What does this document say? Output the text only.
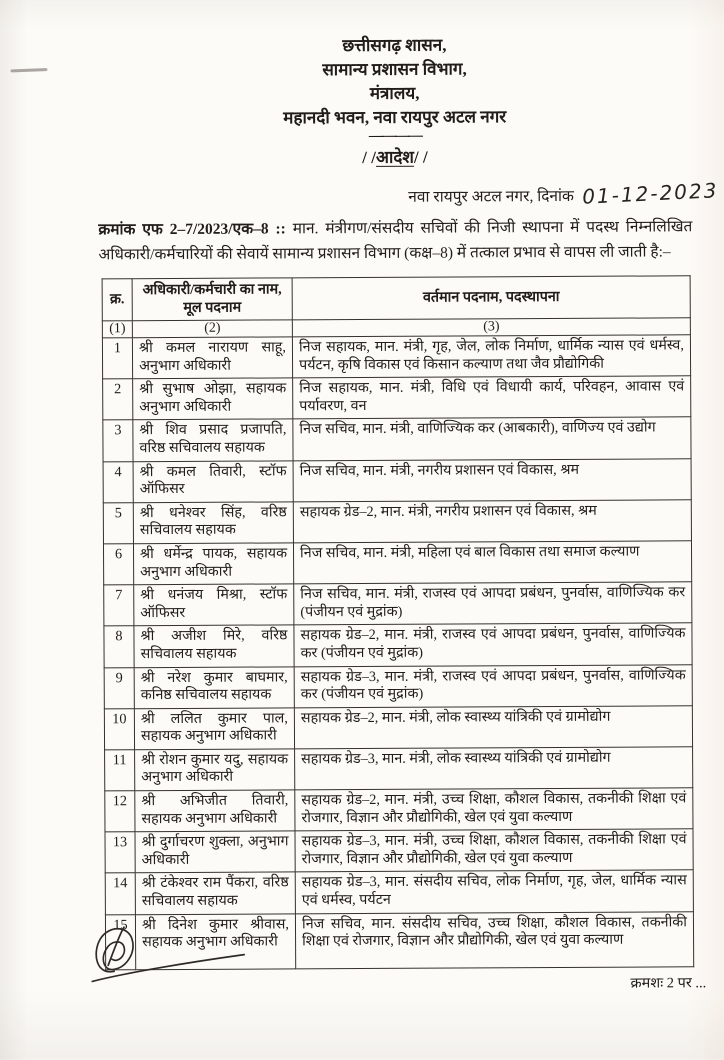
छत्तीसगढ़ शासन,
सामान्य प्रशासन विभाग,
मंत्रालय,
महानदी भवन, नवा रायपुर अटल नगर
————
/ /आदेश/ /
नवा रायपुर अटल नगर, दिनांक 01-12-2023

क्रमांक एफ 2–7/2023/एक–8 :: मान. मंत्रीगण/संसदीय सचिवों की निजी स्थापना में पदस्थ निम्नलिखित अधिकारी/कर्मचारियों की सेवायें सामान्य प्रशासन विभाग (कक्ष–8) में तत्काल प्रभाव से वापस ली जाती है:–

क्र.	अधिकारी/कर्मचारी का नाम, मूल पदनाम	वर्तमान पदनाम, पदस्थापना
(1)	(2)	(3)
1	श्री कमल नारायण साहू, अनुभाग अधिकारी	निज सहायक, मान. मंत्री, गृह, जेल, लोक निर्माण, धार्मिक न्यास एवं धर्मस्व, पर्यटन, कृषि विकास एवं किसान कल्याण तथा जैव प्रौद्योगिकी
2	श्री सुभाष ओझा, सहायक अनुभाग अधिकारी	निज सहायक, मान. मंत्री, विधि एवं विधायी कार्य, परिवहन, आवास एवं पर्यावरण, वन
3	श्री शिव प्रसाद प्रजापति, वरिष्ठ सचिवालय सहायक	निज सचिव, मान. मंत्री, वाणिज्यिक कर (आबकारी), वाणिज्य एवं उद्योग
4	श्री कमल तिवारी, स्टॉफ ऑफिसर	निज सचिव, मान. मंत्री, नगरीय प्रशासन एवं विकास, श्रम
5	श्री धनेश्वर सिंह, वरिष्ठ सचिवालय सहायक	सहायक ग्रेड–2, मान. मंत्री, नगरीय प्रशासन एवं विकास, श्रम
6	श्री धर्मेन्द्र पायक, सहायक अनुभाग अधिकारी	निज सचिव, मान. मंत्री, महिला एवं बाल विकास तथा समाज कल्याण
7	श्री धनंजय मिश्रा, स्टॉफ ऑफिसर	निज सचिव, मान. मंत्री, राजस्व एवं आपदा प्रबंधन, पुनर्वास, वाणिज्यिक कर (पंजीयन एवं मुद्रांक)
8	श्री अजीश मिरे, वरिष्ठ सचिवालय सहायक	सहायक ग्रेड–2, मान. मंत्री, राजस्व एवं आपदा प्रबंधन, पुनर्वास, वाणिज्यिक कर (पंजीयन एवं मुद्रांक)
9	श्री नरेश कुमार बाघमार, कनिष्ठ सचिवालय सहायक	सहायक ग्रेड–3, मान. मंत्री, राजस्व एवं आपदा प्रबंधन, पुनर्वास, वाणिज्यिक कर (पंजीयन एवं मुद्रांक)
10	श्री ललित कुमार पाल, सहायक अनुभाग अधिकारी	सहायक ग्रेड–2, मान. मंत्री, लोक स्वास्थ्य यांत्रिकी एवं ग्रामोद्योग
11	श्री रोशन कुमार यदु, सहायक अनुभाग अधिकारी	सहायक ग्रेड–3, मान. मंत्री, लोक स्वास्थ्य यांत्रिकी एवं ग्रामोद्योग
12	श्री अभिजीत तिवारी, सहायक अनुभाग अधिकारी	सहायक ग्रेड–2, मान. मंत्री, उच्च शिक्षा, कौशल विकास, तकनीकी शिक्षा एवं रोजगार, विज्ञान और प्रौद्योगिकी, खेल एवं युवा कल्याण
13	श्री दुर्गाचरण शुक्ला, अनुभाग अधिकारी	सहायक ग्रेड–3, मान. मंत्री, उच्च शिक्षा, कौशल विकास, तकनीकी शिक्षा एवं रोजगार, विज्ञान और प्रौद्योगिकी, खेल एवं युवा कल्याण
14	श्री टंकेश्वर राम पैंकरा, वरिष्ठ सचिवालय सहायक	सहायक ग्रेड–3, मान. संसदीय सचिव, लोक निर्माण, गृह, जेल, धार्मिक न्यास एवं धर्मस्व, पर्यटन
15	श्री दिनेश कुमार श्रीवास, सहायक अनुभाग अधिकारी	निज सचिव, मान. संसदीय सचिव, उच्च शिक्षा, कौशल विकास, तकनीकी शिक्षा एवं रोजगार, विज्ञान और प्रौद्योगिकी, खेल एवं युवा कल्याण
क्रमशः 2 पर ...
